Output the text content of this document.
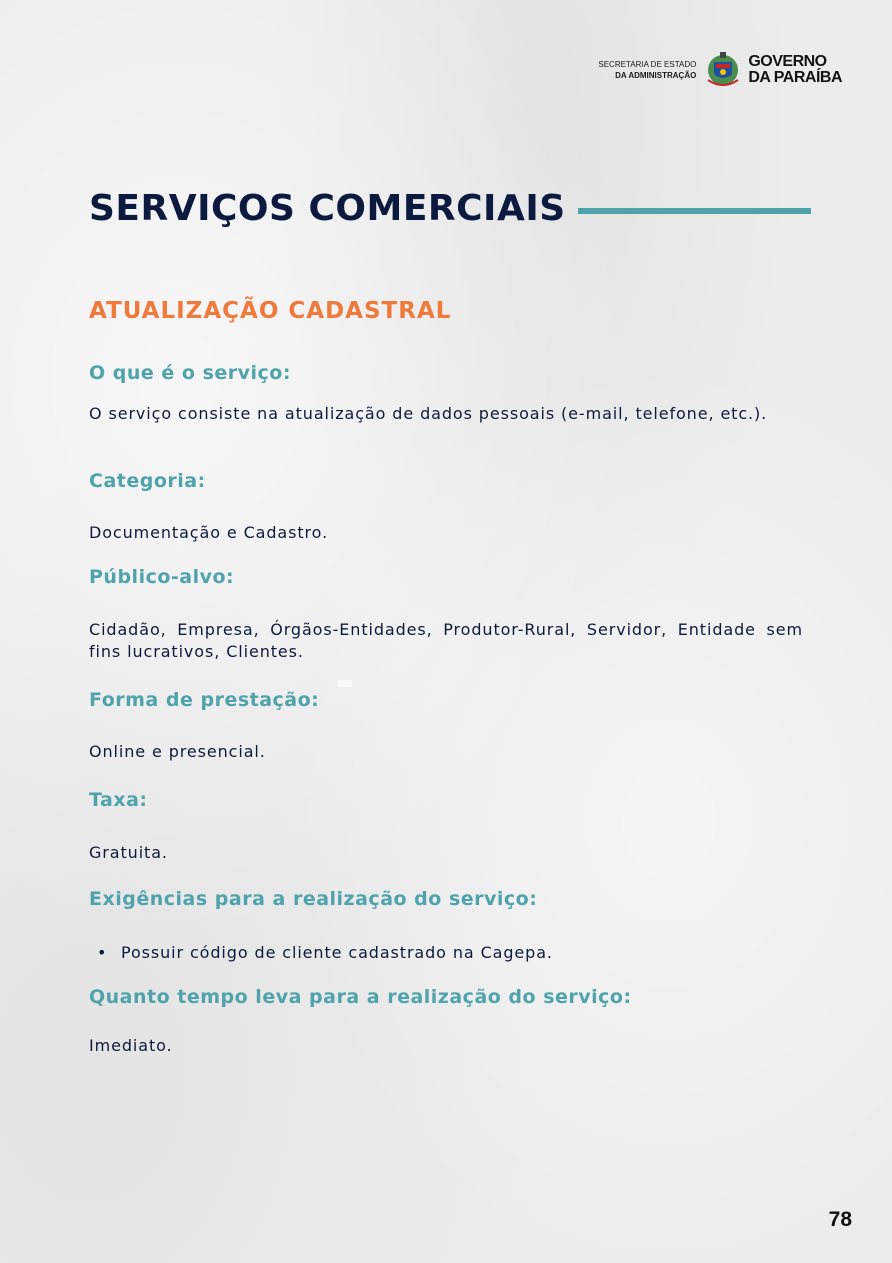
SECRETARIA DE ESTADO
DA ADMINISTRAÇÃO
GOVERNO
DA PARAÍBA
SERVIÇOS COMERCIAIS
ATUALIZAÇÃO CADASTRAL
O que é o serviço:
O serviço consiste na atualização de dados pessoais (e-mail, telefone, etc.).
Categoria:
Documentação e Cadastro.
Público-alvo:
Cidadão, Empresa, Órgãos-Entidades, Produtor-Rural, Servidor, Entidade sem fins lucrativos, Clientes.
Forma de prestação:
Online e presencial.
Taxa:
Gratuita.
Exigências para a realização do serviço:
• Possuir código de cliente cadastrado na Cagepa.
Quanto tempo leva para a realização do serviço:
Imediato.
78
